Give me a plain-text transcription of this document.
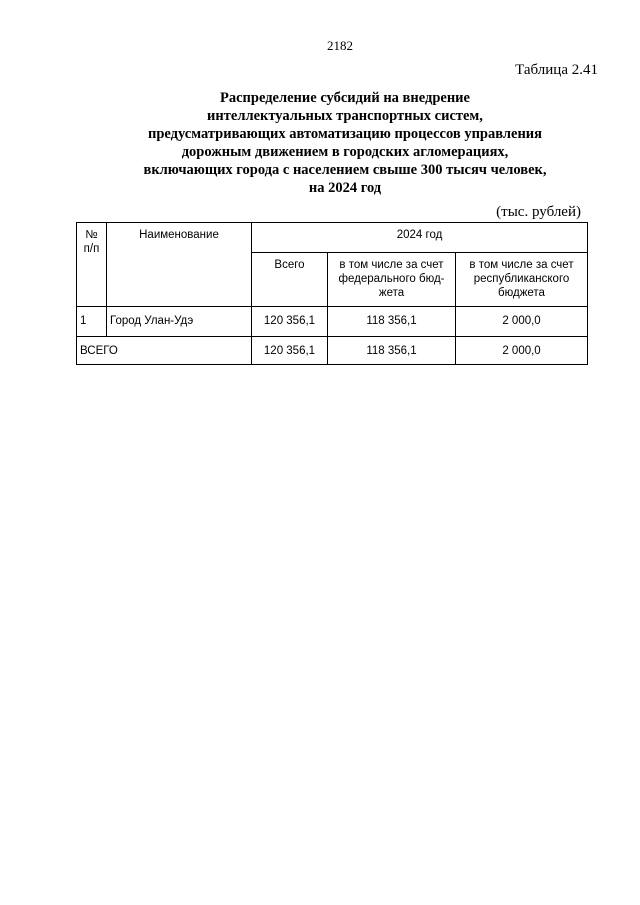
2182
Таблица 2.41
Распределение субсидий на внедрение
интеллектуальных транспортных систем,
предусматривающих автоматизацию процессов управления
дорожным движением в городских агломерациях,
включающих города с населением свыше 300 тысяч человек,
на 2024 год
(тыс. рублей)
№ п/п	Наименование	2024 год		
		Всего	в том числе за счет федерального бюд-жета	в том числе за счет республиканского бюджета
1	Город Улан-Удэ	120 356,1	118 356,1	2 000,0
ВСЕГО		120 356,1	118 356,1	2 000,0
